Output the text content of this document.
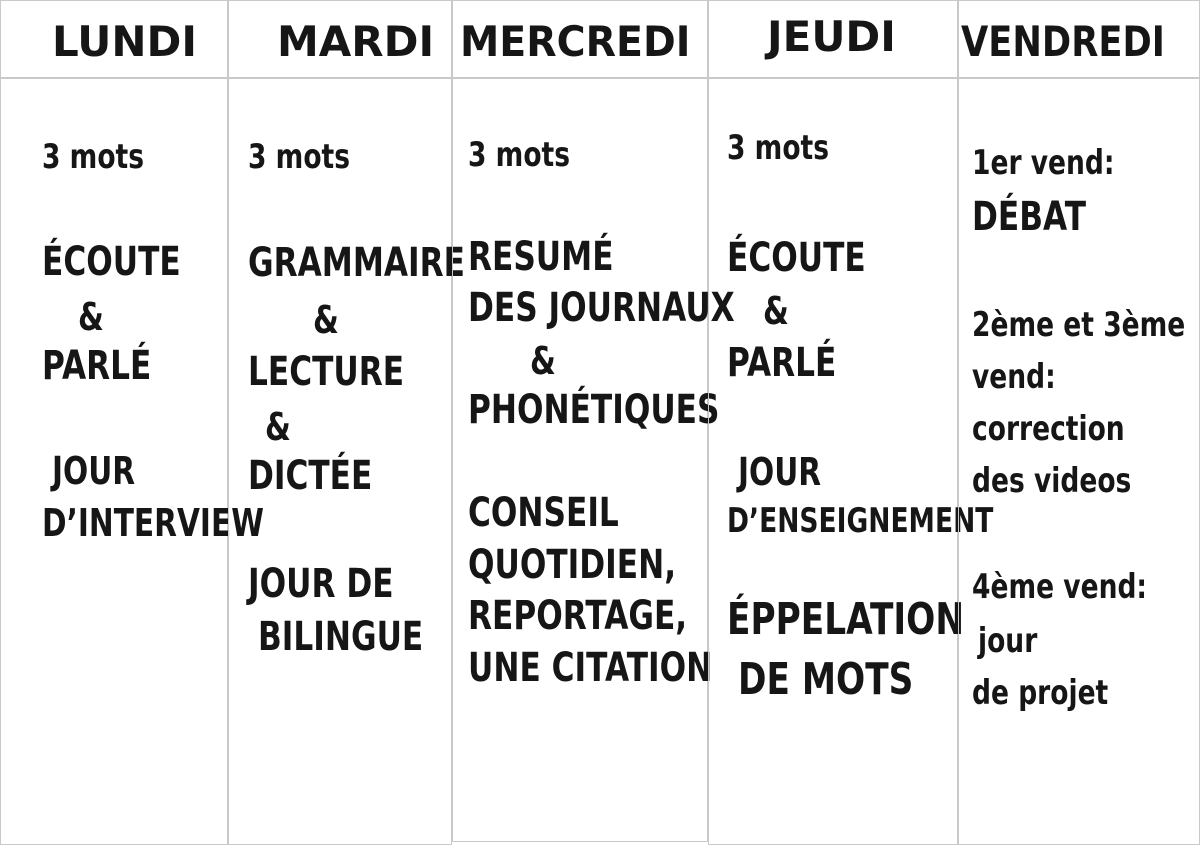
LUNDI
3 mots
ÉCOUTE
&
PARLÉ
JOUR
D’INTERVIEW
MARDI
3 mots
GRAMMAIRE
&
LECTURE
&
DICTÉE
JOUR DE
BILINGUE
MERCREDI
3 mots
RESUMÉ
DES JOURNAUX
&
PHONÉTIQUES
CONSEIL
QUOTIDIEN,
REPORTAGE,
UNE CITATION
JEUDI
3 mots
ÉCOUTE
&
PARLÉ
JOUR
D’ENSEIGNEMENT
ÉPPELATION
DE MOTS
VENDREDI
1er vend:
DÉBAT
2ème et 3ème
vend:
correction
des videos
4ème vend:
jour
de projet
